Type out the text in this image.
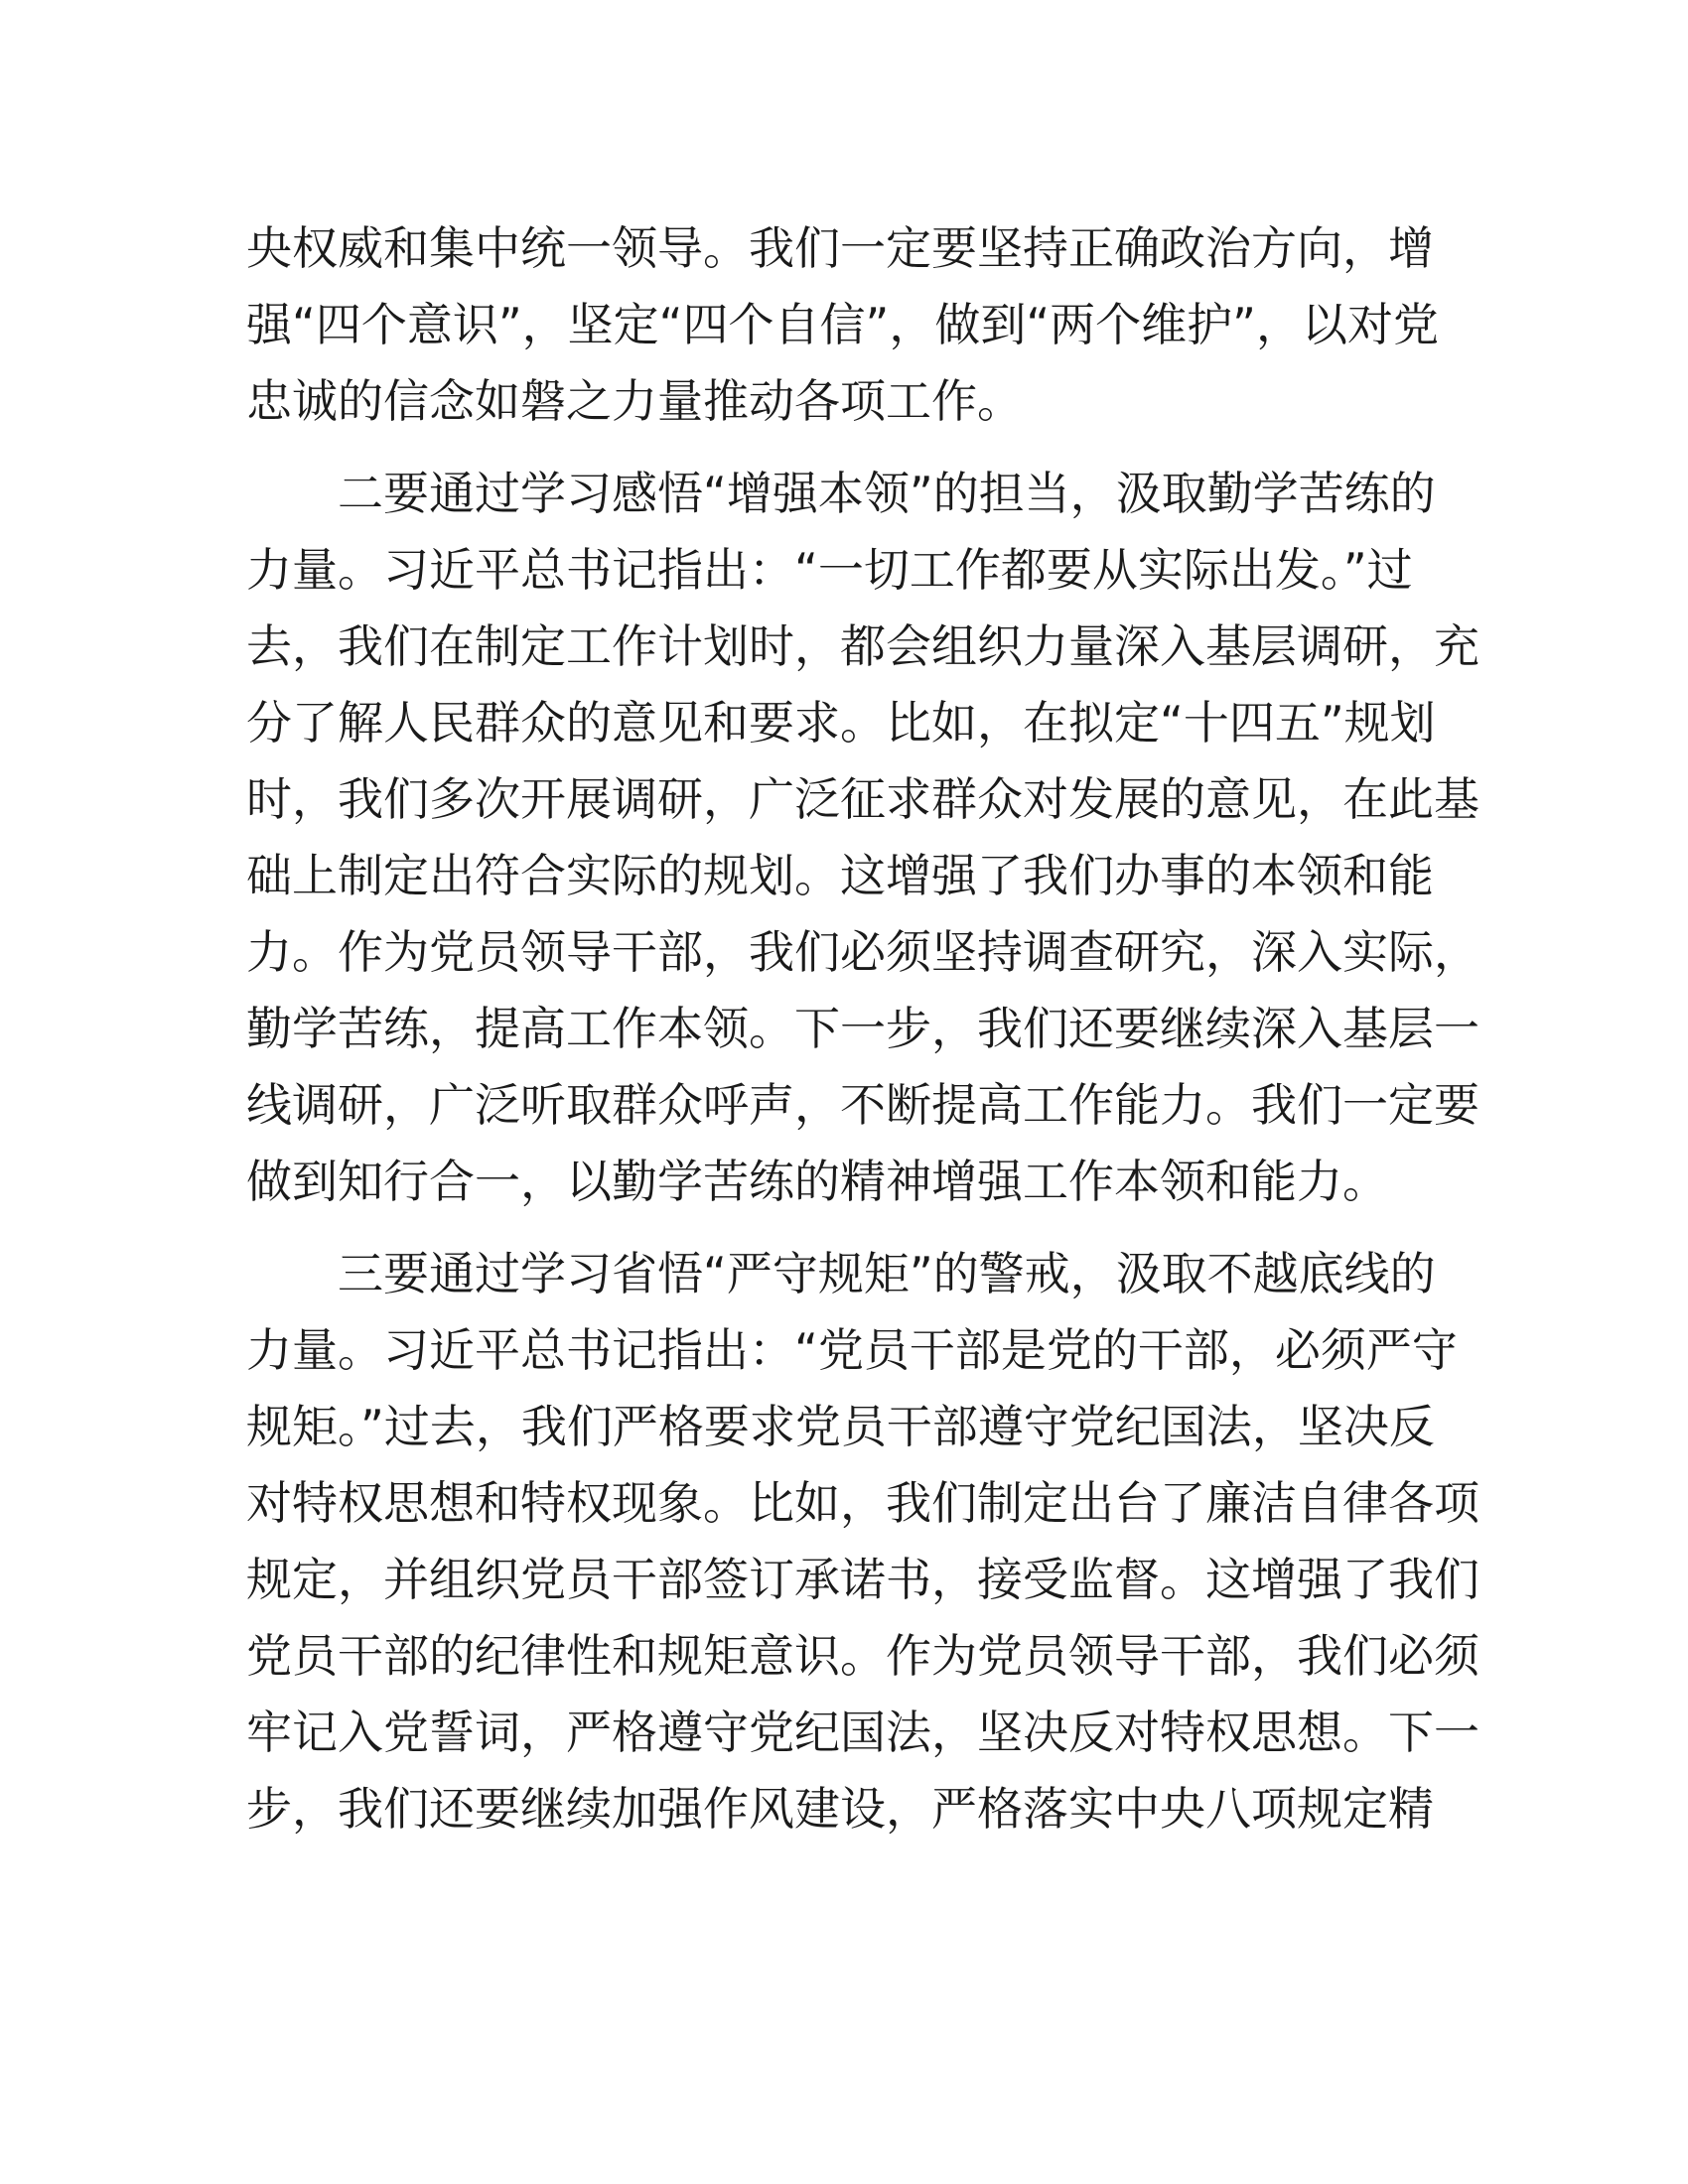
央权威和集中统一领导。我们一定要坚持正确政治方向，增
强“四个意识”，坚定“四个自信”，做到“两个维护”，以对党
忠诚的信念如磐之力量推动各项工作。
　　二要通过学习感悟“增强本领”的担当，汲取勤学苦练的
力量。习近平总书记指出：“一切工作都要从实际出发。”过
去，我们在制定工作计划时，都会组织力量深入基层调研，充
分了解人民群众的意见和要求。比如，在拟定“十四五”规划
时，我们多次开展调研，广泛征求群众对发展的意见，在此基
础上制定出符合实际的规划。这增强了我们办事的本领和能
力。作为党员领导干部，我们必须坚持调查研究，深入实际，
勤学苦练，提高工作本领。下一步，我们还要继续深入基层一
线调研，广泛听取群众呼声，不断提高工作能力。我们一定要
做到知行合一，以勤学苦练的精神增强工作本领和能力。
　　三要通过学习省悟“严守规矩”的警戒，汲取不越底线的
力量。习近平总书记指出：“党员干部是党的干部，必须严守
规矩。”过去，我们严格要求党员干部遵守党纪国法，坚决反
对特权思想和特权现象。比如，我们制定出台了廉洁自律各项
规定，并组织党员干部签订承诺书，接受监督。这增强了我们
党员干部的纪律性和规矩意识。作为党员领导干部，我们必须
牢记入党誓词，严格遵守党纪国法，坚决反对特权思想。下一
步，我们还要继续加强作风建设，严格落实中央八项规定精
